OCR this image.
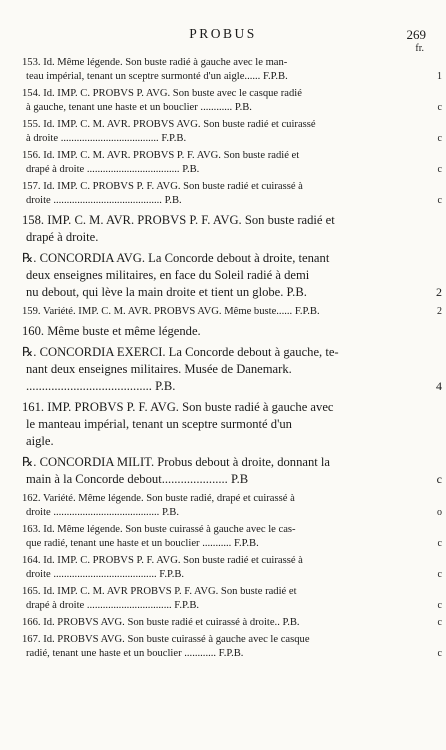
PROBUS	269
fr.
153. Id. Même légende. Son buste radié à gauche avec le man-
teau impérial, tenant un sceptre surmonté d'un aigle...... F.P.B.	1
154. Id. IMP. C. PROBVS P. AVG. Son buste avec le casque radié
à gauche, tenant une haste et un bouclier ............ P.B.	c
155. Id. IMP. C. M. AVR. PROBVS AVG. Son buste radié et cuirassé
à droite ..................................... F.P.B.	c
156. Id. IMP. C. M. AVR. PROBVS P. F. AVG. Son buste radié et
drapé à droite ................................... P.B.	c
157. Id. IMP. C. PROBVS P. F. AVG. Son buste radié et cuirassé à
droite ......................................... P.B.	c
158. IMP. C. M. AVR. PROBVS P. F. AVG. Son buste radié et
drapé à droite.
℞. CONCORDIA AVG. La Concorde debout à droite, tenant
deux enseignes militaires, en face du Soleil radié à demi
nu debout, qui lève la main droite et tient un globe. P.B.	2
159. Variété. IMP. C. M. AVR. PROBVS AVG. Même buste...... F.P.B.	2
160. Même buste et même légende.
℞. CONCORDIA EXERCI. La Concorde debout à gauche, te-
nant deux enseignes militaires. Musée de Danemark.
........................................ P.B.	4
161. IMP. PROBVS P. F. AVG. Son buste radié à gauche avec
le manteau impérial, tenant un sceptre surmonté d'un
aigle.
℞. CONCORDIA MILIT. Probus debout à droite, donnant la
main à la Concorde debout..................... P.B	c
162. Variété. Même légende. Son buste radié, drapé et cuirassé à
droite ........................................ P.B.	o
163. Id. Même légende. Son buste cuirassé à gauche avec le cas-
que radié, tenant une haste et un bouclier ........... F.P.B.	c
164. Id. IMP. C. PROBVS P. F. AVG. Son buste radié et cuirassé à
droite ....................................... F.P.B.	c
165. Id. IMP. C. M. AVR PROBVS P. F. AVG. Son buste radié et
drapé à droite ................................ F.P.B.	c
166. Id. PROBVS AVG. Son buste radié et cuirassé à droite.. P.B.	c
167. Id. PROBVS AVG. Son buste cuirassé à gauche avec le casque
radié, tenant une haste et un bouclier ............ F.P.B.	c
